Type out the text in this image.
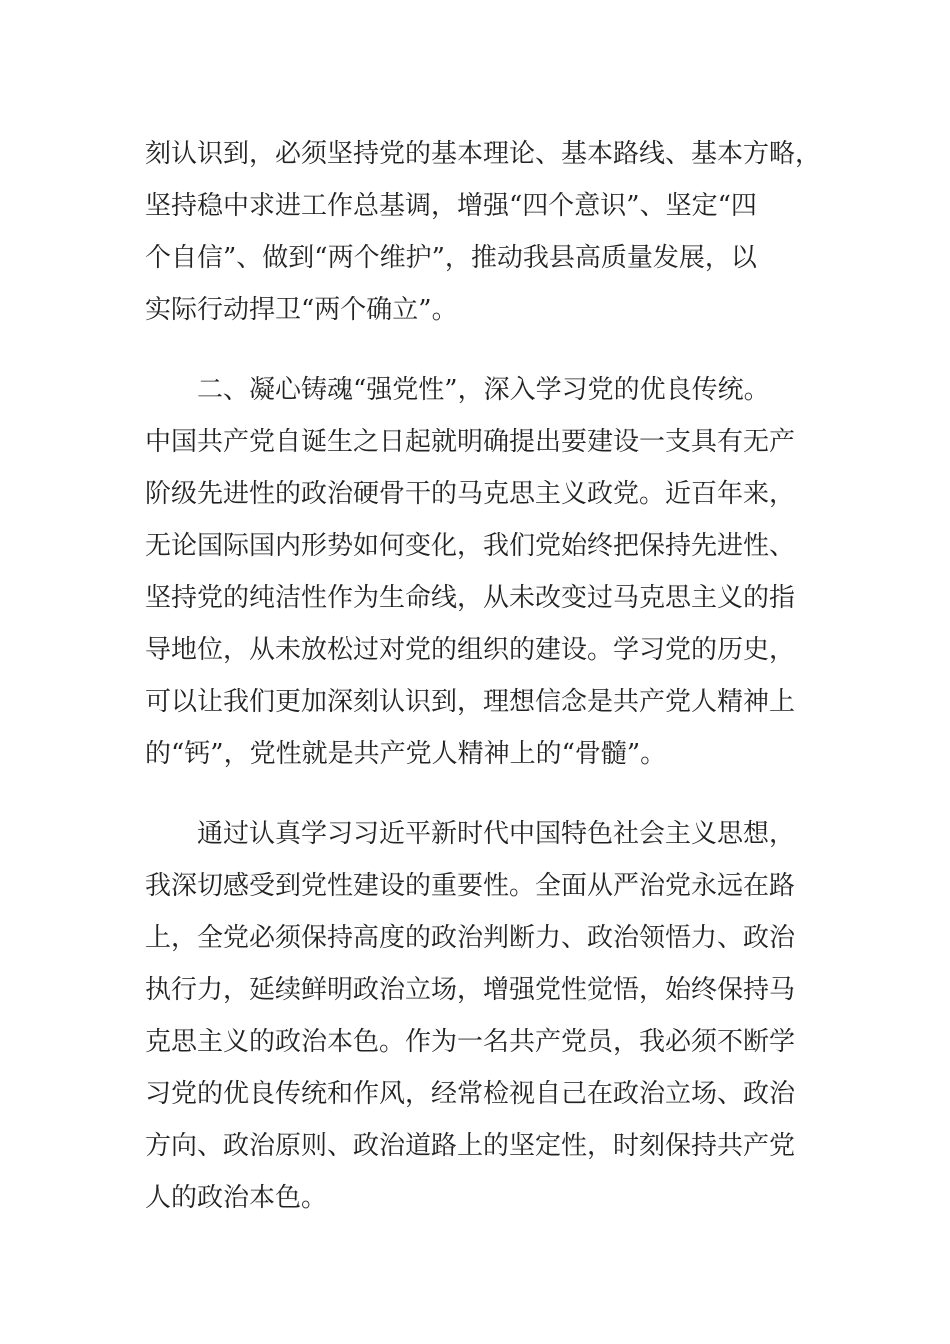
刻认识到，必须坚持党的基本理论、基本路线、基本方略，
坚持稳中求进工作总基调，增强“四个意识”、坚定“四
个自信”、做到“两个维护”，推动我县高质量发展，以
实际行动捍卫“两个确立”。
二、凝心铸魂“强党性”，深入学习党的优良传统。
中国共产党自诞生之日起就明确提出要建设一支具有无产
阶级先进性的政治硬骨干的马克思主义政党。近百年来，
无论国际国内形势如何变化，我们党始终把保持先进性、
坚持党的纯洁性作为生命线，从未改变过马克思主义的指
导地位，从未放松过对党的组织的建设。学习党的历史，
可以让我们更加深刻认识到，理想信念是共产党人精神上
的“钙”，党性就是共产党人精神上的“骨髓”。
通过认真学习习近平新时代中国特色社会主义思想，
我深切感受到党性建设的重要性。全面从严治党永远在路
上，全党必须保持高度的政治判断力、政治领悟力、政治
执行力，延续鲜明政治立场，增强党性觉悟，始终保持马
克思主义的政治本色。作为一名共产党员，我必须不断学
习党的优良传统和作风，经常检视自己在政治立场、政治
方向、政治原则、政治道路上的坚定性，时刻保持共产党
人的政治本色。
